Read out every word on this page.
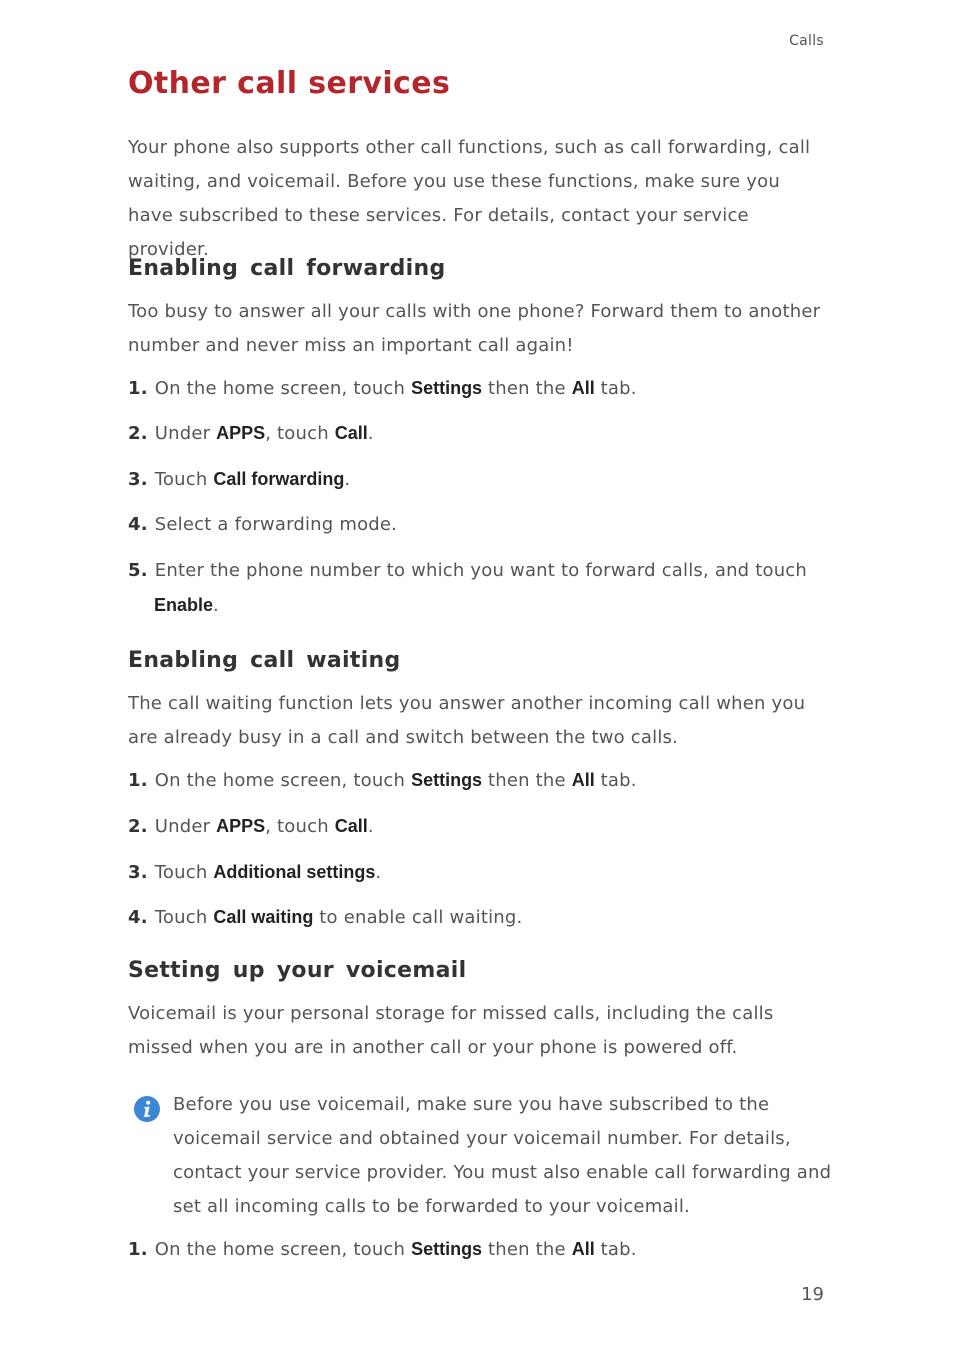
Calls
Other call services
Your phone also supports other call functions, such as call forwarding, call waiting, and voicemail. Before you use these functions, make sure you have subscribed to these services. For details, contact your service provider.
Enabling call forwarding
Too busy to answer all your calls with one phone? Forward them to another number and never miss an important call again!
1. On the home screen, touch Settings then the All tab.
2. Under APPS, touch Call.
3. Touch Call forwarding.
4. Select a forwarding mode.
5. Enter the phone number to which you want to forward calls, and touch
Enable.
Enabling call waiting
The call waiting function lets you answer another incoming call when you are already busy in a call and switch between the two calls.
1. On the home screen, touch Settings then the All tab.
2. Under APPS, touch Call.
3. Touch Additional settings.
4. Touch Call waiting to enable call waiting.
Setting up your voicemail
Voicemail is your personal storage for missed calls, including the calls missed when you are in another call or your phone is powered off.
Before you use voicemail, make sure you have subscribed to the voicemail service and obtained your voicemail number. For details, contact your service provider. You must also enable call forwarding and set all incoming calls to be forwarded to your voicemail.
1. On the home screen, touch Settings then the All tab.
19
